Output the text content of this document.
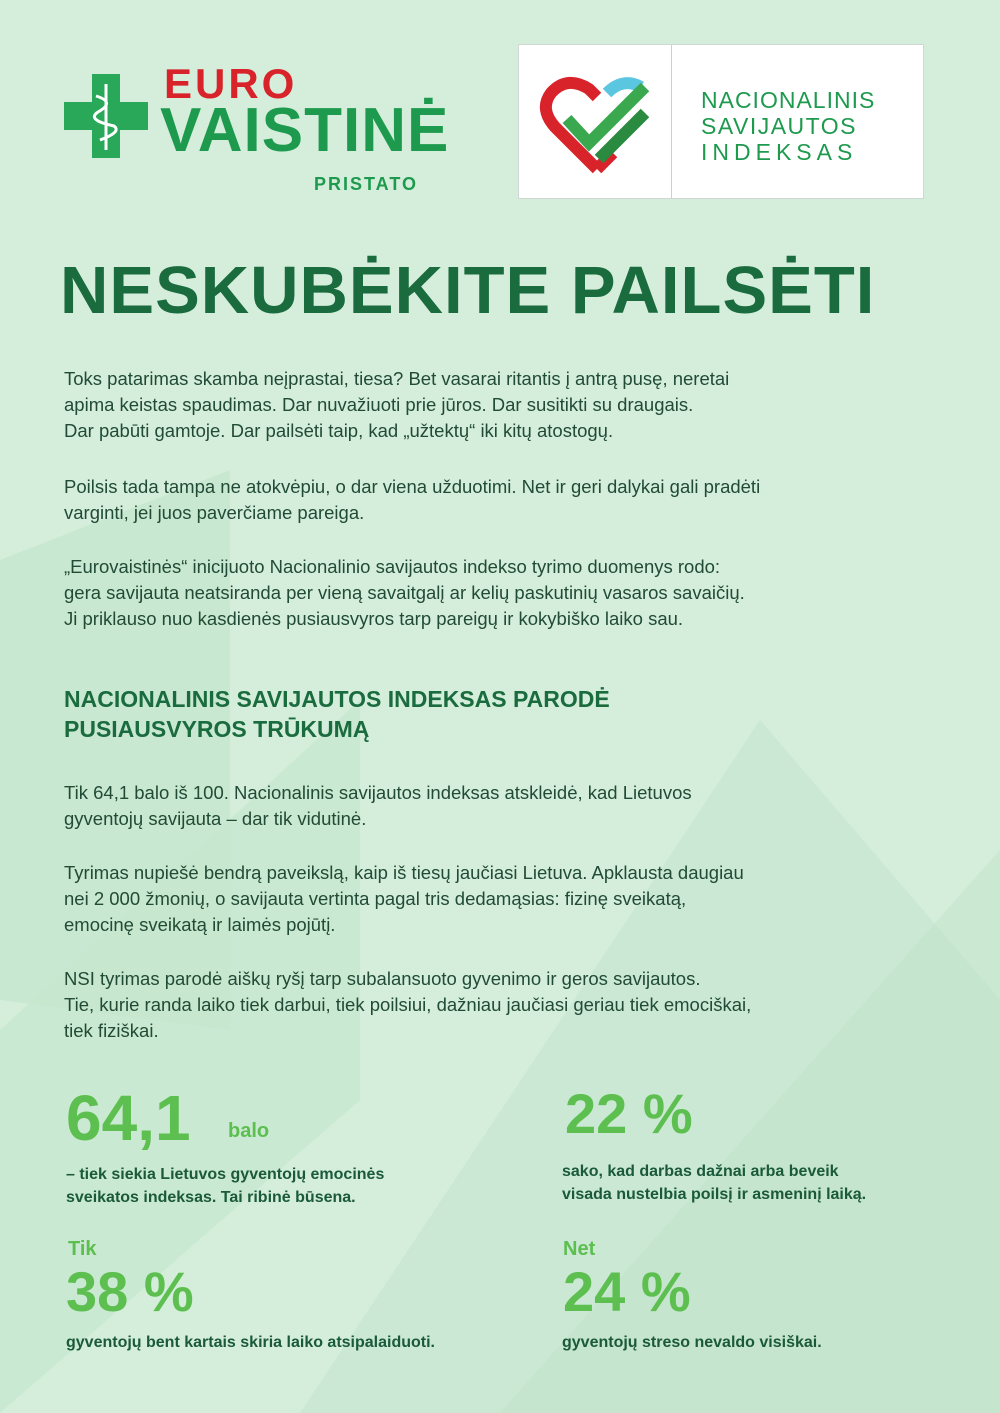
EURO
VAISTINĖ
PRISTATO
NACIONALINIS
SAVIJAUTOS
INDEKSAS
NESKUBĖKITE PAILSĖTI

Toks patarimas skamba neįprastai, tiesa? Bet vasarai ritantis į antrą pusę, neretai
apima keistas spaudimas. Dar nuvažiuoti prie jūros. Dar susitikti su draugais.
Dar pabūti gamtoje. Dar pailsėti taip, kad „užtektų“ iki kitų atostogų.

Poilsis tada tampa ne atokvėpiu, o dar viena užduotimi. Net ir geri dalykai gali pradėti
varginti, jei juos paverčiame pareiga.

„Eurovaistinės“ inicijuoto Nacionalinio savijautos indekso tyrimo duomenys rodo:
gera savijauta neatsiranda per vieną savaitgalį ar kelių paskutinių vasaros savaičių.
Ji priklauso nuo kasdienės pusiausvyros tarp pareigų ir kokybiško laiko sau.

NACIONALINIS SAVIJAUTOS INDEKSAS PARODĖ
PUSIAUSVYROS TRŪKUMĄ

Tik 64,1 balo iš 100. Nacionalinis savijautos indeksas atskleidė, kad Lietuvos
gyventojų savijauta – dar tik vidutinė.

Tyrimas nupiešė bendrą paveikslą, kaip iš tiesų jaučiasi Lietuva. Apklausta daugiau
nei 2 000 žmonių, o savijauta vertinta pagal tris dedamąsias: fizinę sveikatą,
emocinę sveikatą ir laimės pojūtį.

NSI tyrimas parodė aiškų ryšį tarp subalansuoto gyvenimo ir geros savijautos.
Tie, kurie randa laiko tiek darbui, tiek poilsiui, dažniau jaučiasi geriau tiek emociškai,
tiek fiziškai.

64,1 balo

– tiek siekia Lietuvos gyventojų emocinės
sveikatos indeksas. Tai ribinė būsena.

22 %

sako, kad darbas dažnai arba beveik
visada nustelbia poilsį ir asmeninį laiką.

Tik
38 %

gyventojų bent kartais skiria laiko atsipalaiduoti.

Net
24 %

gyventojų streso nevaldo visiškai.
